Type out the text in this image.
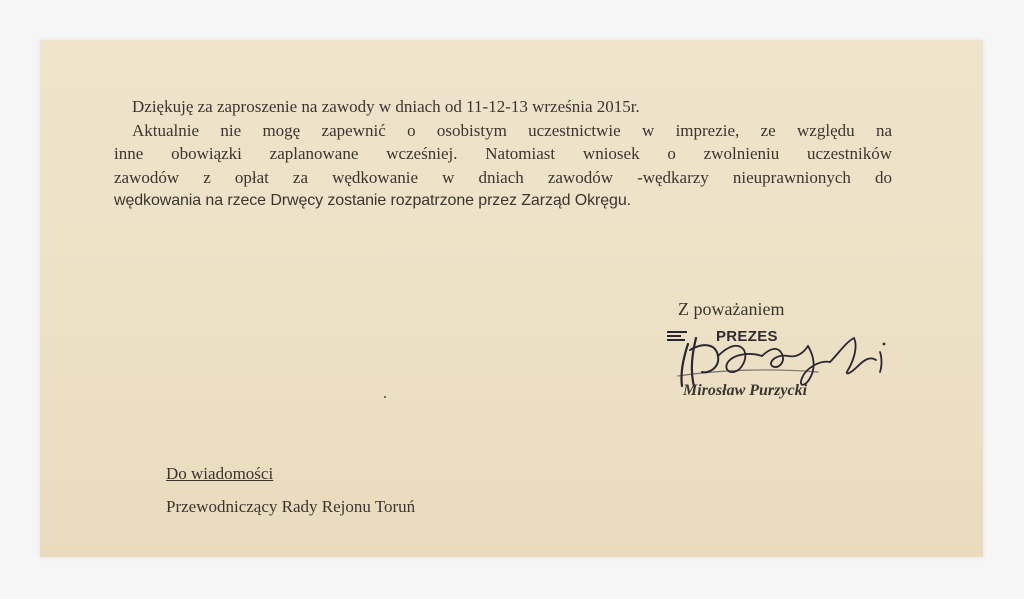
Dziękuję za zaproszenie na zawody w dniach od 11-12-13 września 2015r.
Aktualnie nie mogę zapewnić o osobistym uczestnictwie w imprezie, ze względu na
inne obowiązki zaplanowane wcześniej. Natomiast wniosek o zwolnieniu uczestników
zawodów z opłat za wędkowanie w dniach zawodów -wędkarzy nieuprawnionych do
wędkowania na rzece Drwęcy zostanie rozpatrzone przez Zarząd Okręgu.
Z poważaniem
PREZES
Mirosław Purzycki
Do wiadomości
Przewodniczący Rady Rejonu Toruń
